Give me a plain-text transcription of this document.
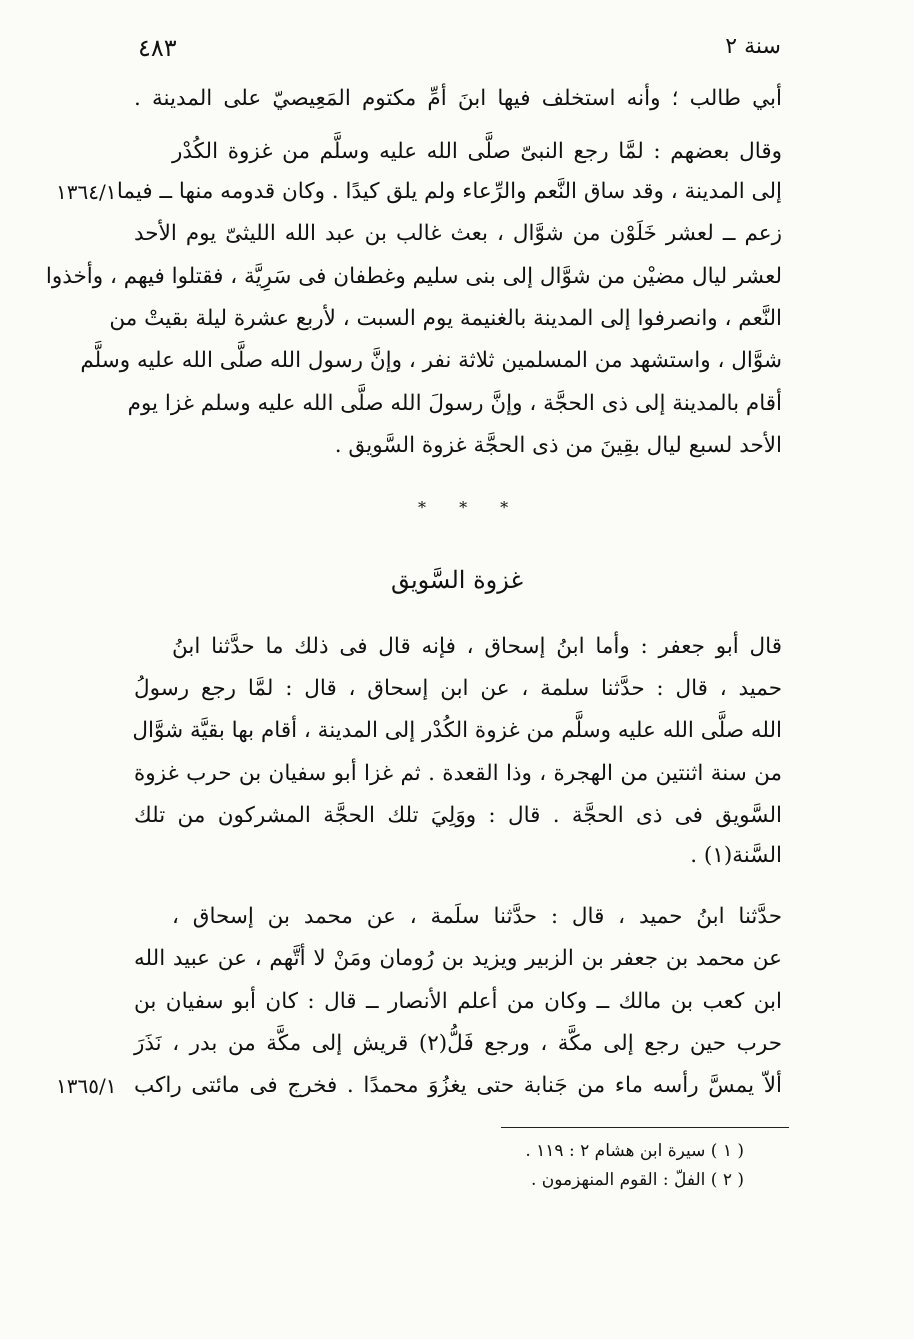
سنة ٢
٤٨٣
أبي طالب ؛ وأنه استخلف فيها ابنَ أمِّ مكتوم المَعِيصيّ على المدينة .
وقال بعضهم : لمَّا رجع النبىّ صلَّى الله عليه وسلَّم من غزوة الكُدْر
إلى المدينة ، وقد ساق النَّعم والرِّعاء ولم يلق كيدًا . وكان قدومه منها ــ فيما
زعم ــ لعشر خَلَوْن من شوَّال ، بعث غالب بن عبد الله الليثىّ يوم الأحد
لعشر ليال مضيْن من شوَّال إلى بنى سليم وغطفان فى سَرِيَّة ، فقتلوا فيهم ، وأخذوا
النَّعم ، وانصرفوا إلى المدينة بالغنيمة يوم السبت ، لأربع عشرة ليلة بقيتْ من
شوَّال ، واستشهد من المسلمين ثلاثة نفر ، وإنَّ رسول الله صلَّى الله عليه وسلَّم
أقام بالمدينة إلى ذى الحجَّة ، وإنَّ رسولَ الله صلَّى الله عليه وسلم غزا يوم
الأحد لسبع ليال بقِينَ من ذى الحجَّة غزوة السَّويق .
١٣٦٤/١
* * *
غزوة السَّويق
قال أبو جعفر : وأما ابنُ إسحاق ، فإنه قال فى ذلك ما حدَّثنا ابنُ
حميد ، قال : حدَّثنا سلمة ، عن ابن إسحاق ، قال : لمَّا رجع رسولُ
الله صلَّى الله عليه وسلَّم من غزوة الكُدْر إلى المدينة ، أقام بها بقيَّة شوَّال
من سنة اثنتين من الهجرة ، وذا القعدة . ثم غزا أبو سفيان بن حرب غزوة
السَّويق فى ذى الحجَّة . قال : ووَلِيَ تلك الحجَّة المشركون من تلك
السَّنة(١) .
حدَّثنا ابنُ حميد ، قال : حدَّثنا سلَمة ، عن محمد بن إسحاق ،
عن محمد بن جعفر بن الزبير ويزيد بن رُومان ومَنْ لا أتَّهم ، عن عبيد الله
ابن كعب بن مالك ــ وكان من أعلم الأنصار ــ قال : كان أبو سفيان بن
حرب حين رجع إلى مكَّة ، ورجع فَلُّ(٢) قريش إلى مكَّة من بدر ، نَذَرَ
ألاّ يمسَّ رأسه ماء من جَنابة حتى يغزُوَ محمدًا . فخرج فى مائتى راكب
١٣٦٥/١
( ١ ) سيرة ابن هشام ٢ : ١١٩ .
( ٢ ) الفلّ : القوم المنهزمون .
